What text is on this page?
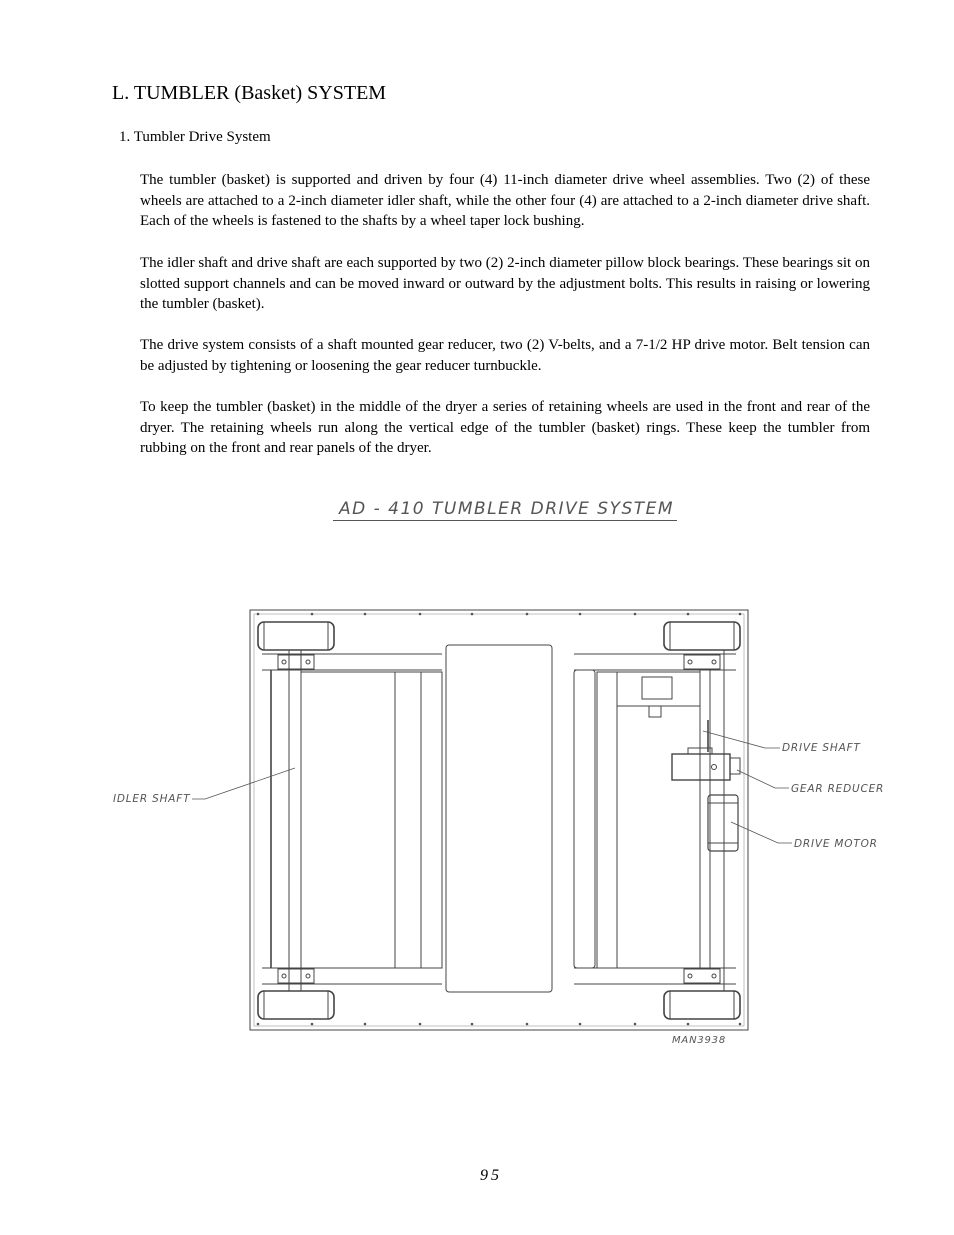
L. TUMBLER (Basket) SYSTEM
1. Tumbler Drive System

The tumbler (basket) is supported and driven by four (4) 11-inch diameter drive wheel assemblies. Two (2) of these wheels are attached to a 2-inch diameter idler shaft, while the other four (4) are attached to a 2-inch diameter drive shaft. Each of the wheels is fastened to the shafts by a wheel taper lock bushing.

The idler shaft and drive shaft are each supported by two (2) 2-inch diameter pillow block bearings. These bearings sit on slotted support channels and can be moved inward or outward by the adjustment bolts. This results in raising or lowering the tumbler (basket).

The drive system consists of a shaft mounted gear reducer, two (2) V-belts, and a 7-1/2 HP drive motor. Belt tension can be adjusted by tightening or loosening the gear reducer turnbuckle.

To keep the tumbler (basket) in the middle of the dryer a series of retaining wheels are used in the front and rear of the dryer. The retaining wheels run along the vertical edge of the tumbler (basket) rings. These keep the tumbler from rubbing on the front and rear panels of the dryer.

AD - 410 TUMBLER DRIVE SYSTEM
DRIVE SHAFT
GEAR REDUCER
DRIVE MOTOR
IDLER SHAFT
MAN3938
95
